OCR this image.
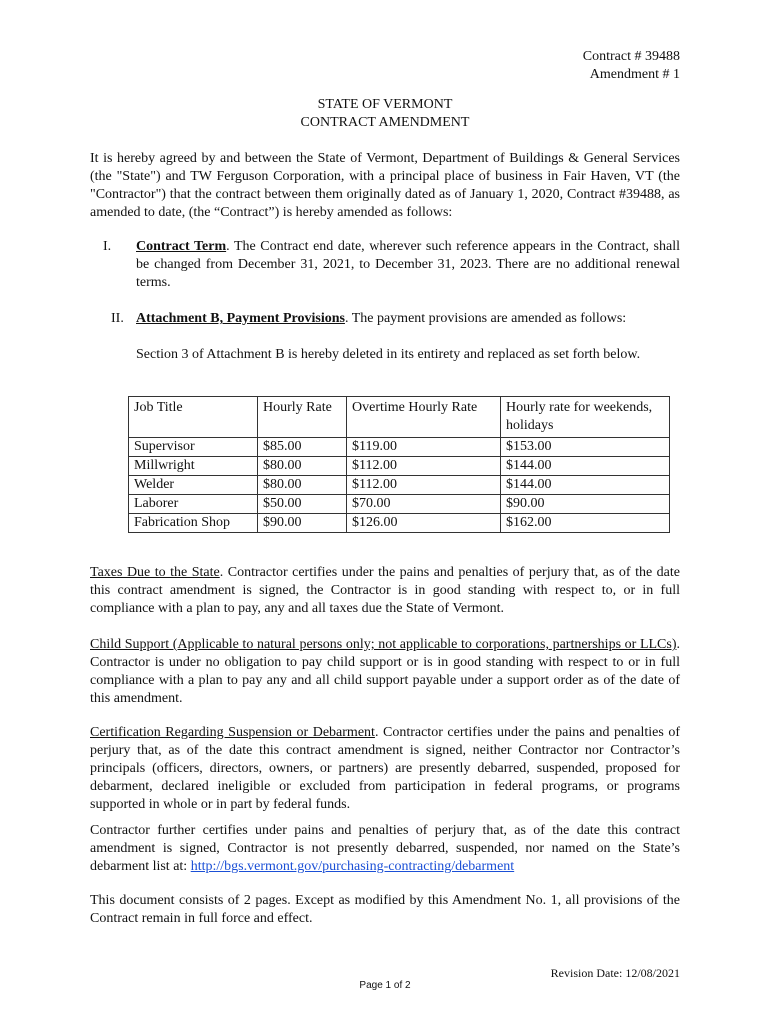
Contract # 39488
Amendment # 1
STATE OF VERMONT
CONTRACT AMENDMENT
It is hereby agreed by and between the State of Vermont, Department of Buildings & General Services (the "State") and TW Ferguson Corporation, with a principal place of business in Fair Haven, VT (the "Contractor") that the contract between them originally dated as of January 1, 2020, Contract #39488, as amended to date, (the “Contract”) is hereby amended as follows:
I. Contract Term. The Contract end date, wherever such reference appears in the Contract, shall be changed from December 31, 2021, to December 31, 2023. There are no additional renewal terms.
II. Attachment B, Payment Provisions. The payment provisions are amended as follows:
Section 3 of Attachment B is hereby deleted in its entirety and replaced as set forth below.
Job Title	Hourly Rate	Overtime Hourly Rate	Hourly rate for weekends, holidays
Supervisor	$85.00	$119.00	$153.00
Millwright	$80.00	$112.00	$144.00
Welder	$80.00	$112.00	$144.00
Laborer	$50.00	$70.00	$90.00
Fabrication Shop	$90.00	$126.00	$162.00
Taxes Due to the State. Contractor certifies under the pains and penalties of perjury that, as of the date this contract amendment is signed, the Contractor is in good standing with respect to, or in full compliance with a plan to pay, any and all taxes due the State of Vermont.
Child Support (Applicable to natural persons only; not applicable to corporations, partnerships or LLCs). Contractor is under no obligation to pay child support or is in good standing with respect to or in full compliance with a plan to pay any and all child support payable under a support order as of the date of this amendment.
Certification Regarding Suspension or Debarment. Contractor certifies under the pains and penalties of perjury that, as of the date this contract amendment is signed, neither Contractor nor Contractor’s principals (officers, directors, owners, or partners) are presently debarred, suspended, proposed for debarment, declared ineligible or excluded from participation in federal programs, or programs supported in whole or in part by federal funds.
Contractor further certifies under pains and penalties of perjury that, as of the date this contract amendment is signed, Contractor is not presently debarred, suspended, nor named on the State’s debarment list at: http://bgs.vermont.gov/purchasing-contracting/debarment
This document consists of 2 pages. Except as modified by this Amendment No. 1, all provisions of the Contract remain in full force and effect.
Revision Date: 12/08/2021
Page 1 of 2
